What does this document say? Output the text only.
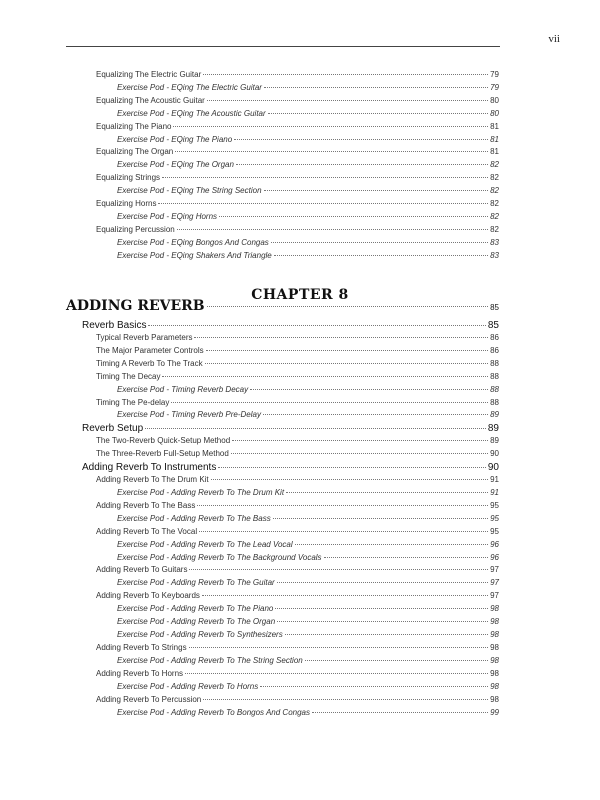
vii
Equalizing The Electric Guitar	79
Exercise Pod - EQing The Electric Guitar	79
Equalizing The Acoustic Guitar	80
Exercise Pod - EQing The Acoustic Guitar	80
Equalizing The Piano	81
Exercise Pod - EQing The Piano	81
Equalizing The Organ	81
Exercise Pod - EQing The Organ	82
Equalizing Strings	82
Exercise Pod - EQing The String Section	82
Equalizing Horns	82
Exercise Pod - EQing Horns	82
Equalizing Percussion	82
Exercise Pod - EQing Bongos And Congas	83
Exercise Pod - EQing Shakers And Triangle	83
CHAPTER 8
ADDING REVERB	85
Reverb Basics	85
Typical Reverb Parameters	86
The Major Parameter Controls	86
Timing A Reverb To The Track	88
Timing The Decay	88
Exercise Pod - Timing Reverb Decay	88
Timing The Pe-delay	88
Exercise Pod - Timing Reverb Pre-Delay	89
Reverb Setup	89
The Two-Reverb Quick-Setup Method	89
The Three-Reverb Full-Setup Method	90
Adding Reverb To Instruments	90
Adding Reverb To The Drum Kit	91
Exercise Pod - Adding Reverb To The Drum Kit	91
Adding Reverb To The Bass	95
Exercise Pod - Adding Reverb To The Bass	95
Adding Reverb To The Vocal	95
Exercise Pod - Adding Reverb To The Lead Vocal	96
Exercise Pod - Adding Reverb To The Background Vocals	96
Adding Reverb To Guitars	97
Exercise Pod - Adding Reverb To The Guitar	97
Adding Reverb To Keyboards	97
Exercise Pod - Adding Reverb To The Piano	98
Exercise Pod - Adding Reverb To The Organ	98
Exercise Pod - Adding Reverb To Synthesizers	98
Adding Reverb To Strings	98
Exercise Pod - Adding Reverb To The String Section	98
Adding Reverb To Horns	98
Exercise Pod - Adding Reverb To Horns	98
Adding Reverb To Percussion	98
Exercise Pod - Adding Reverb To Bongos And Congas	99
